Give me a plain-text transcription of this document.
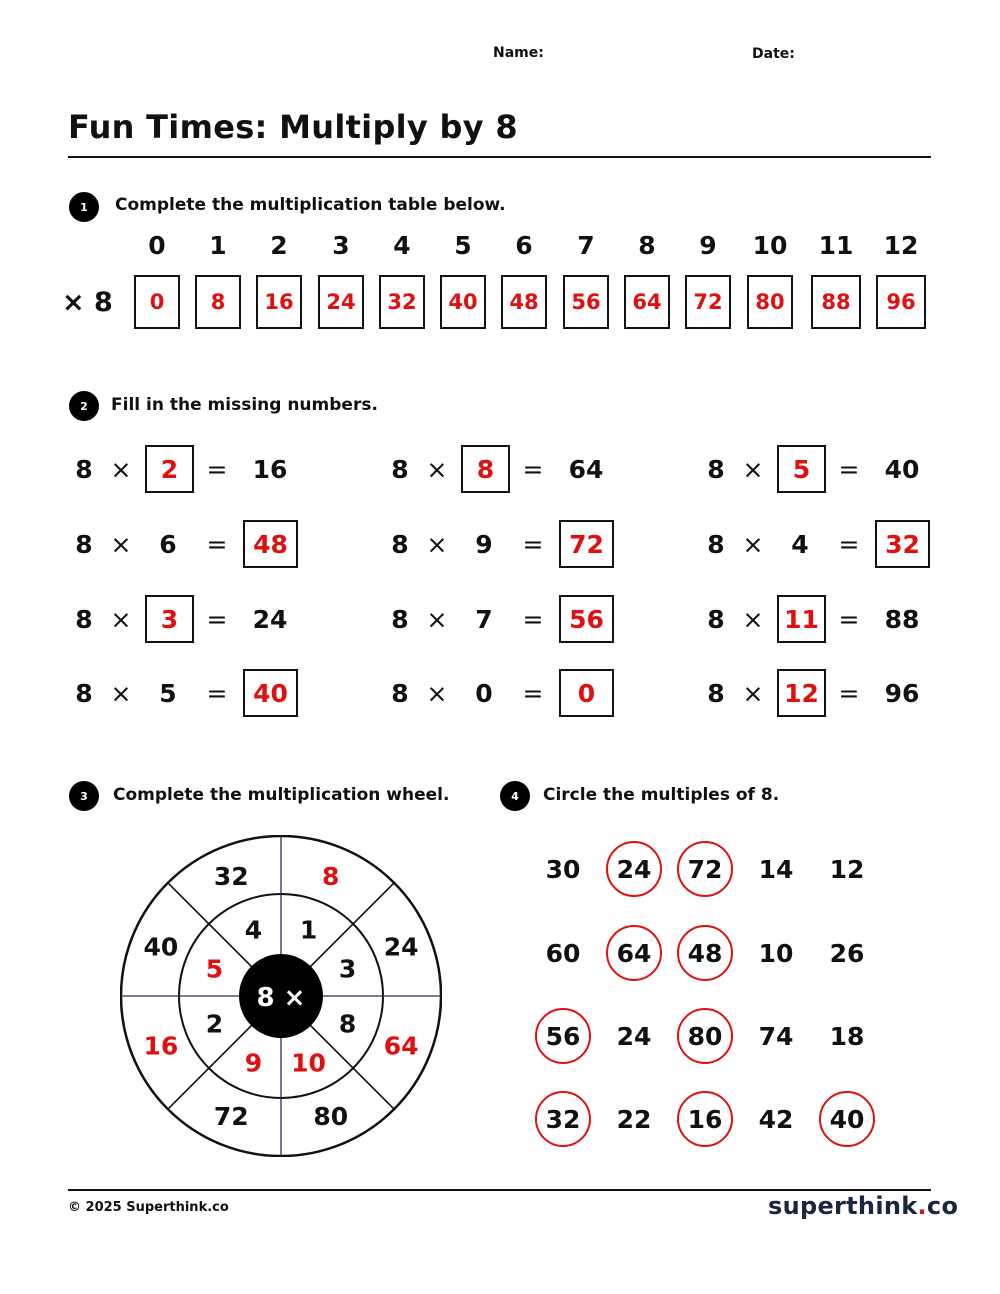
Name:	Date:
Fun Times: Multiply by 8
1	Complete the multiplication table below.
× 8
0	1	2	3	4	5	6	7	8	9	10	11	12
0	8	16	24	32	40	48	56	64	72	80	88	96
2	Fill in the missing numbers.
8 ×	2	=	16
8 ×	6	=	48
8 ×	3	=	24
8 ×	5	=	40
8 ×	8	=	64
8 ×	9	=	72
8 ×	7	=	56
8 ×	0	=	0
8 ×	5	=	40
8 ×	4	=	32
8 × 11 =	88
8 × 12 =	96
3	Complete the multiplication wheel.
8 ×
1
8
3
24
8
64
10
80
9
72
2
16
5
40
4
32
4	Circle the multiples of 8.
30	24	72	14	12
60	64	48	10	26
56	24	80	74	18
32	22	16	42	40
© 2025 Superthink.co	superthink.co
